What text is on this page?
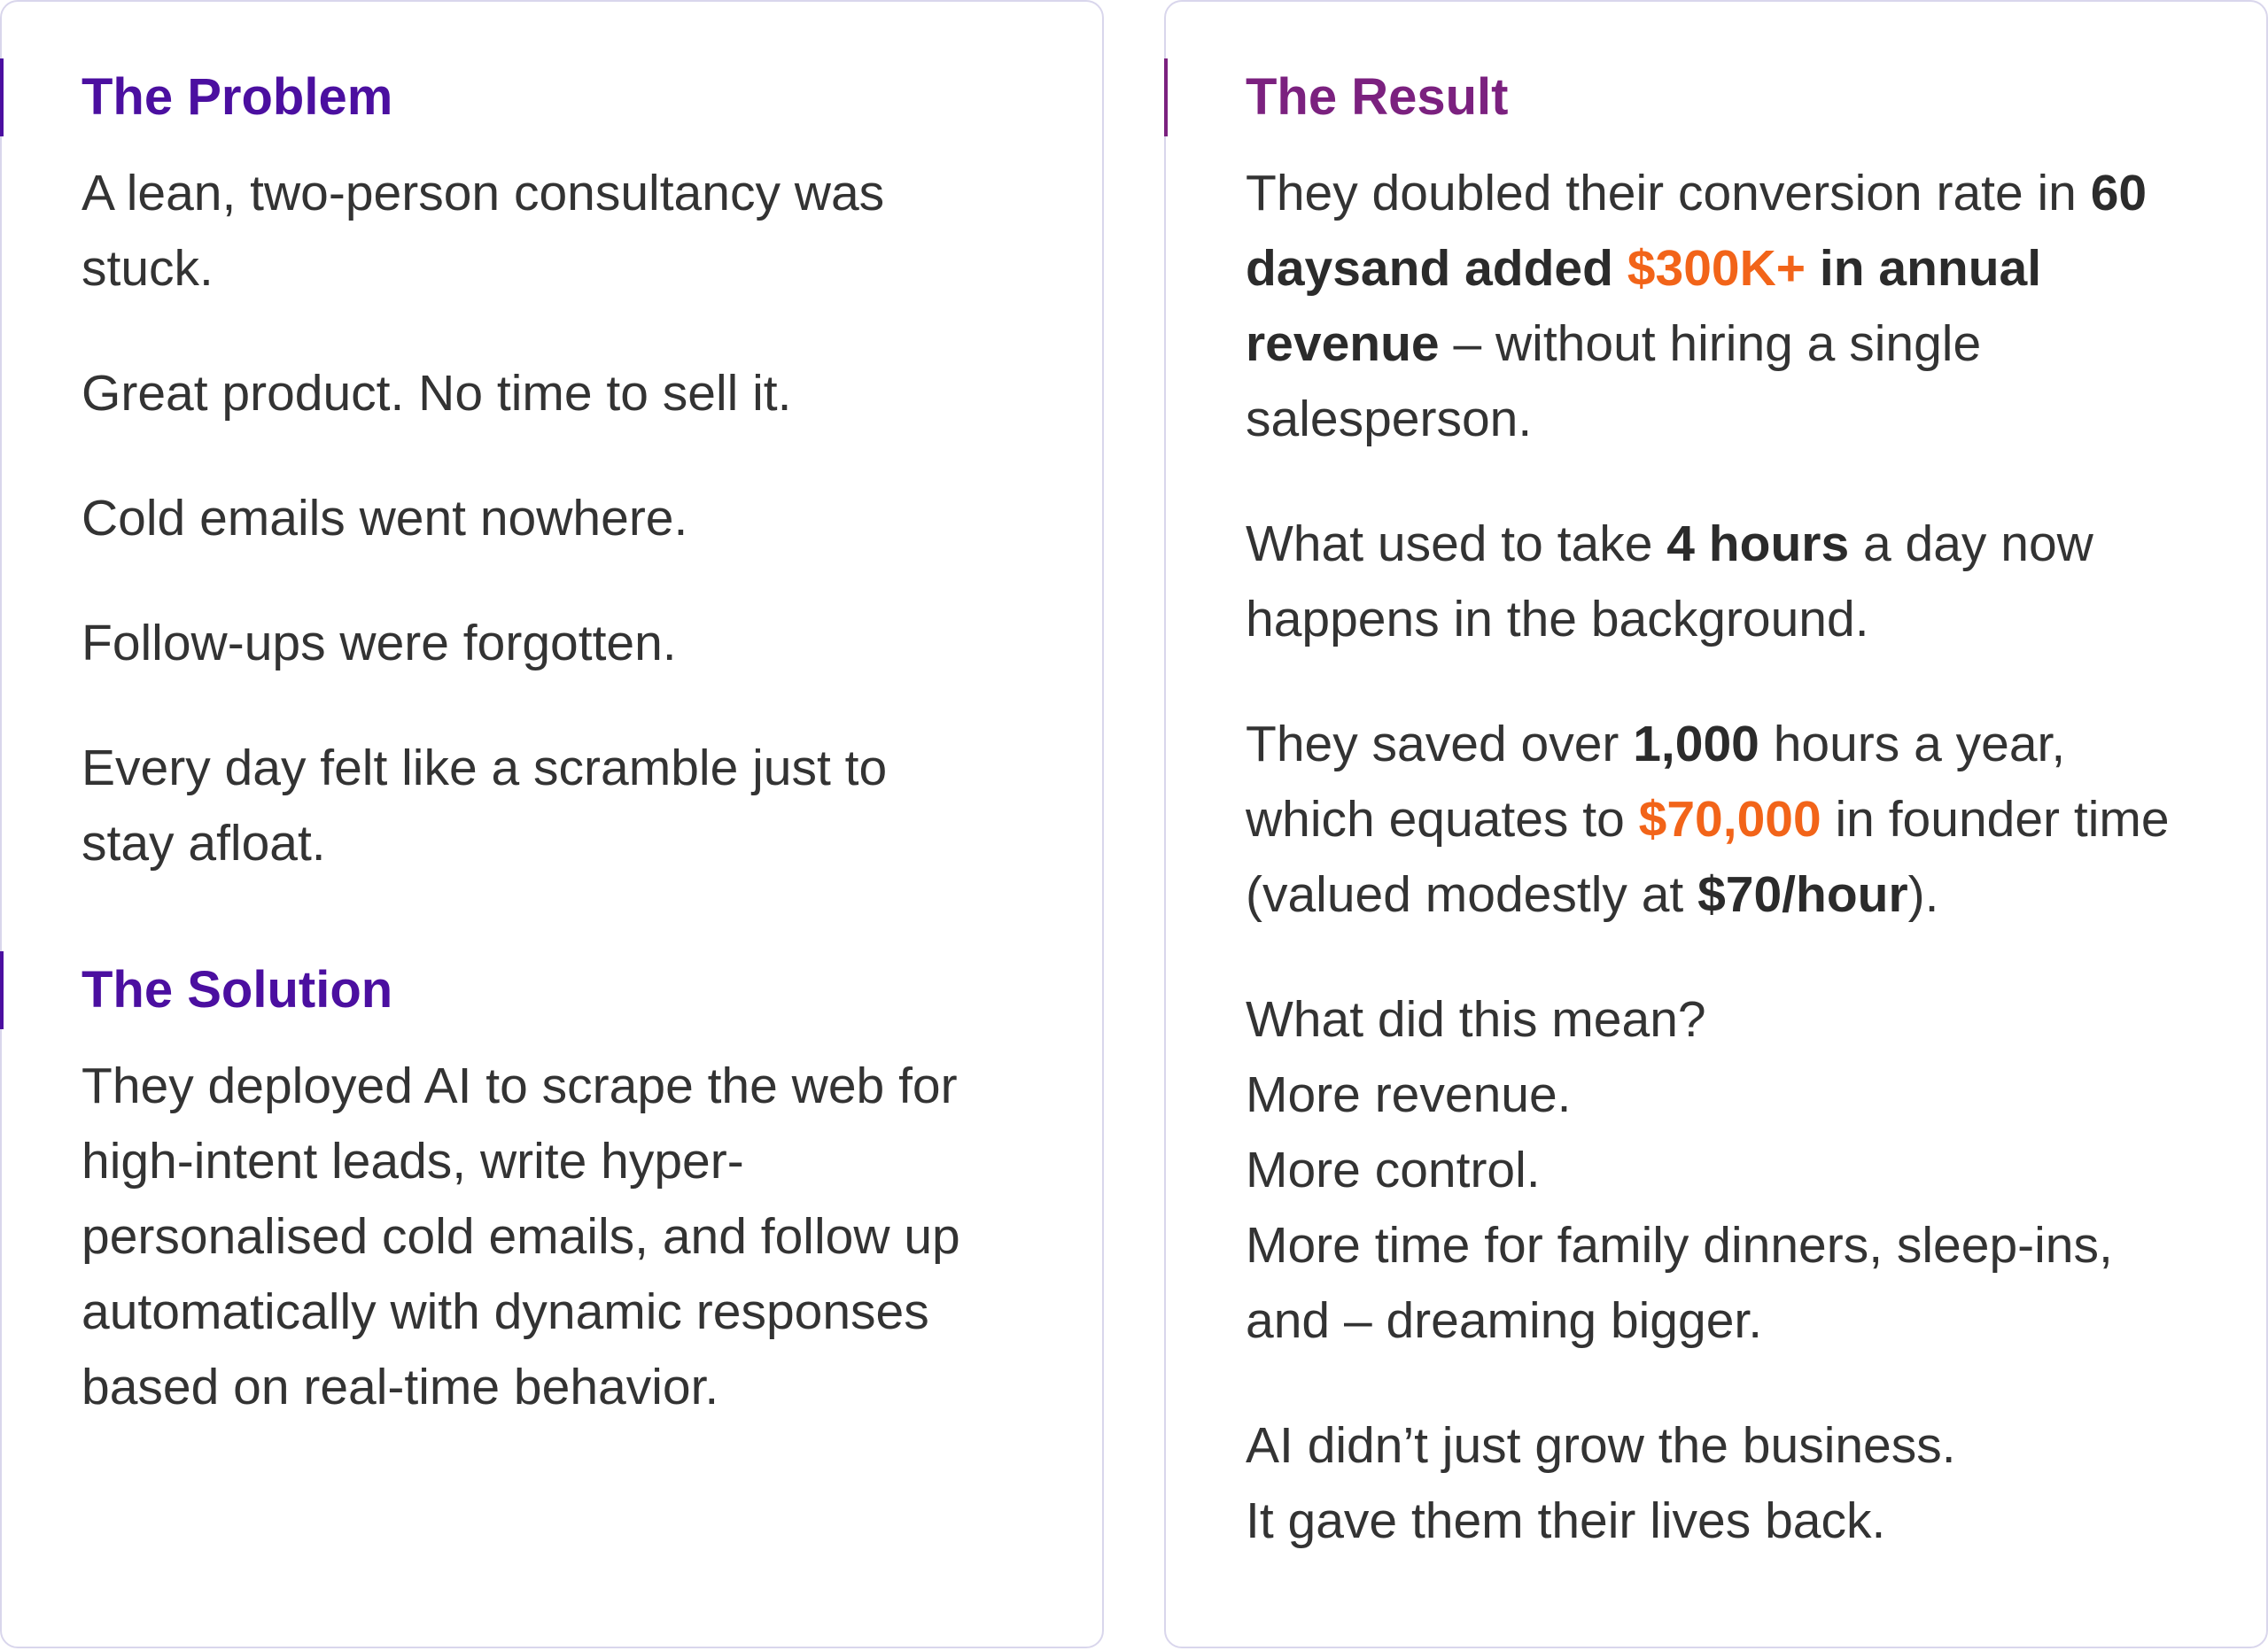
The Problem

A lean, two-person consultancy was stuck.

Great product. No time to sell it.

Cold emails went nowhere.

Follow-ups were forgotten.

Every day felt like a scramble just to stay afloat.

The Solution

They deployed AI to scrape the web for high-intent leads, write hyper-personalised cold emails, and follow up automatically with dynamic responses based on real-time behavior.

The Result

They doubled their conversion rate in 60 daysand added $300K+ in annual revenue – without hiring a single salesperson.

What used to take 4 hours a day now happens in the background.

They saved over 1,000 hours a year, which equates to $70,000 in founder time (valued modestly at $70/hour).

What did this mean?
More revenue.
More control.
More time for family dinners, sleep-ins, and – dreaming bigger.

AI didn’t just grow the business.
It gave them their lives back.
